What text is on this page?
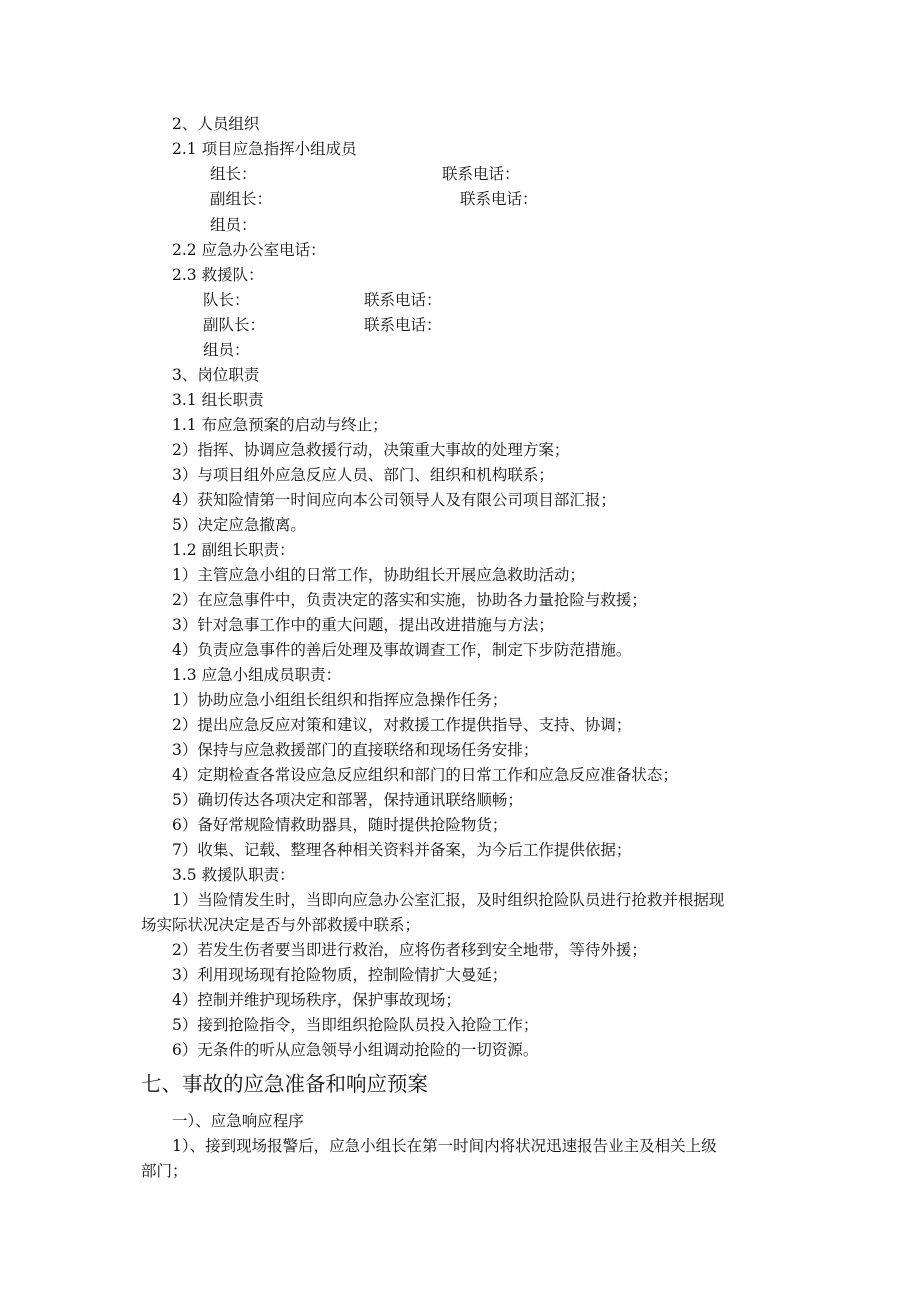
2、人员组织
2.1 项目应急指挥小组成员
组长：	联系电话：
副组长：	联系电话：
组员：
2.2 应急办公室电话：
2.3 救援队：
队长：	联系电话：
副队长：	联系电话：
组员：
3、岗位职责
3.1 组长职责
1.1 布应急预案的启动与终止；
2）指挥、协调应急救援行动，决策重大事故的处理方案；
3）与项目组外应急反应人员、部门、组织和机构联系；
4）获知险情第一时间应向本公司领导人及有限公司项目部汇报；
5）决定应急撤离。
1.2 副组长职责：
1）主管应急小组的日常工作，协助组长开展应急救助活动；
2）在应急事件中，负责决定的落实和实施，协助各力量抢险与救援；
3）针对急事工作中的重大问题，提出改进措施与方法；
4）负责应急事件的善后处理及事故调查工作，制定下步防范措施。
1.3 应急小组成员职责：
1）协助应急小组组长组织和指挥应急操作任务；
2）提出应急反应对策和建议，对救援工作提供指导、支持、协调；
3）保持与应急救援部门的直接联络和现场任务安排；
4）定期检查各常设应急反应组织和部门的日常工作和应急反应准备状态；
5）确切传达各项决定和部署，保持通讯联络顺畅；
6）备好常规险情救助器具，随时提供抢险物货；
7）收集、记载、整理各种相关资料并备案，为今后工作提供依据；
3.5 救援队职责：
1）当险情发生时，当即向应急办公室汇报，及时组织抢险队员进行抢救并根据现
场实际状况决定是否与外部救援中联系；
2）若发生伤者要当即进行救治，应将伤者移到安全地带，等待外援；
3）利用现场现有抢险物质，控制险情扩大曼延；
4）控制并维护现场秩序，保护事故现场；
5）接到抢险指令，当即组织抢险队员投入抢险工作；
6）无条件的听从应急领导小组调动抢险的一切资源。
七、事故的应急准备和响应预案
一）、应急响应程序
1）、接到现场报警后，应急小组长在第一时间内将状况迅速报告业主及相关上级
部门；
